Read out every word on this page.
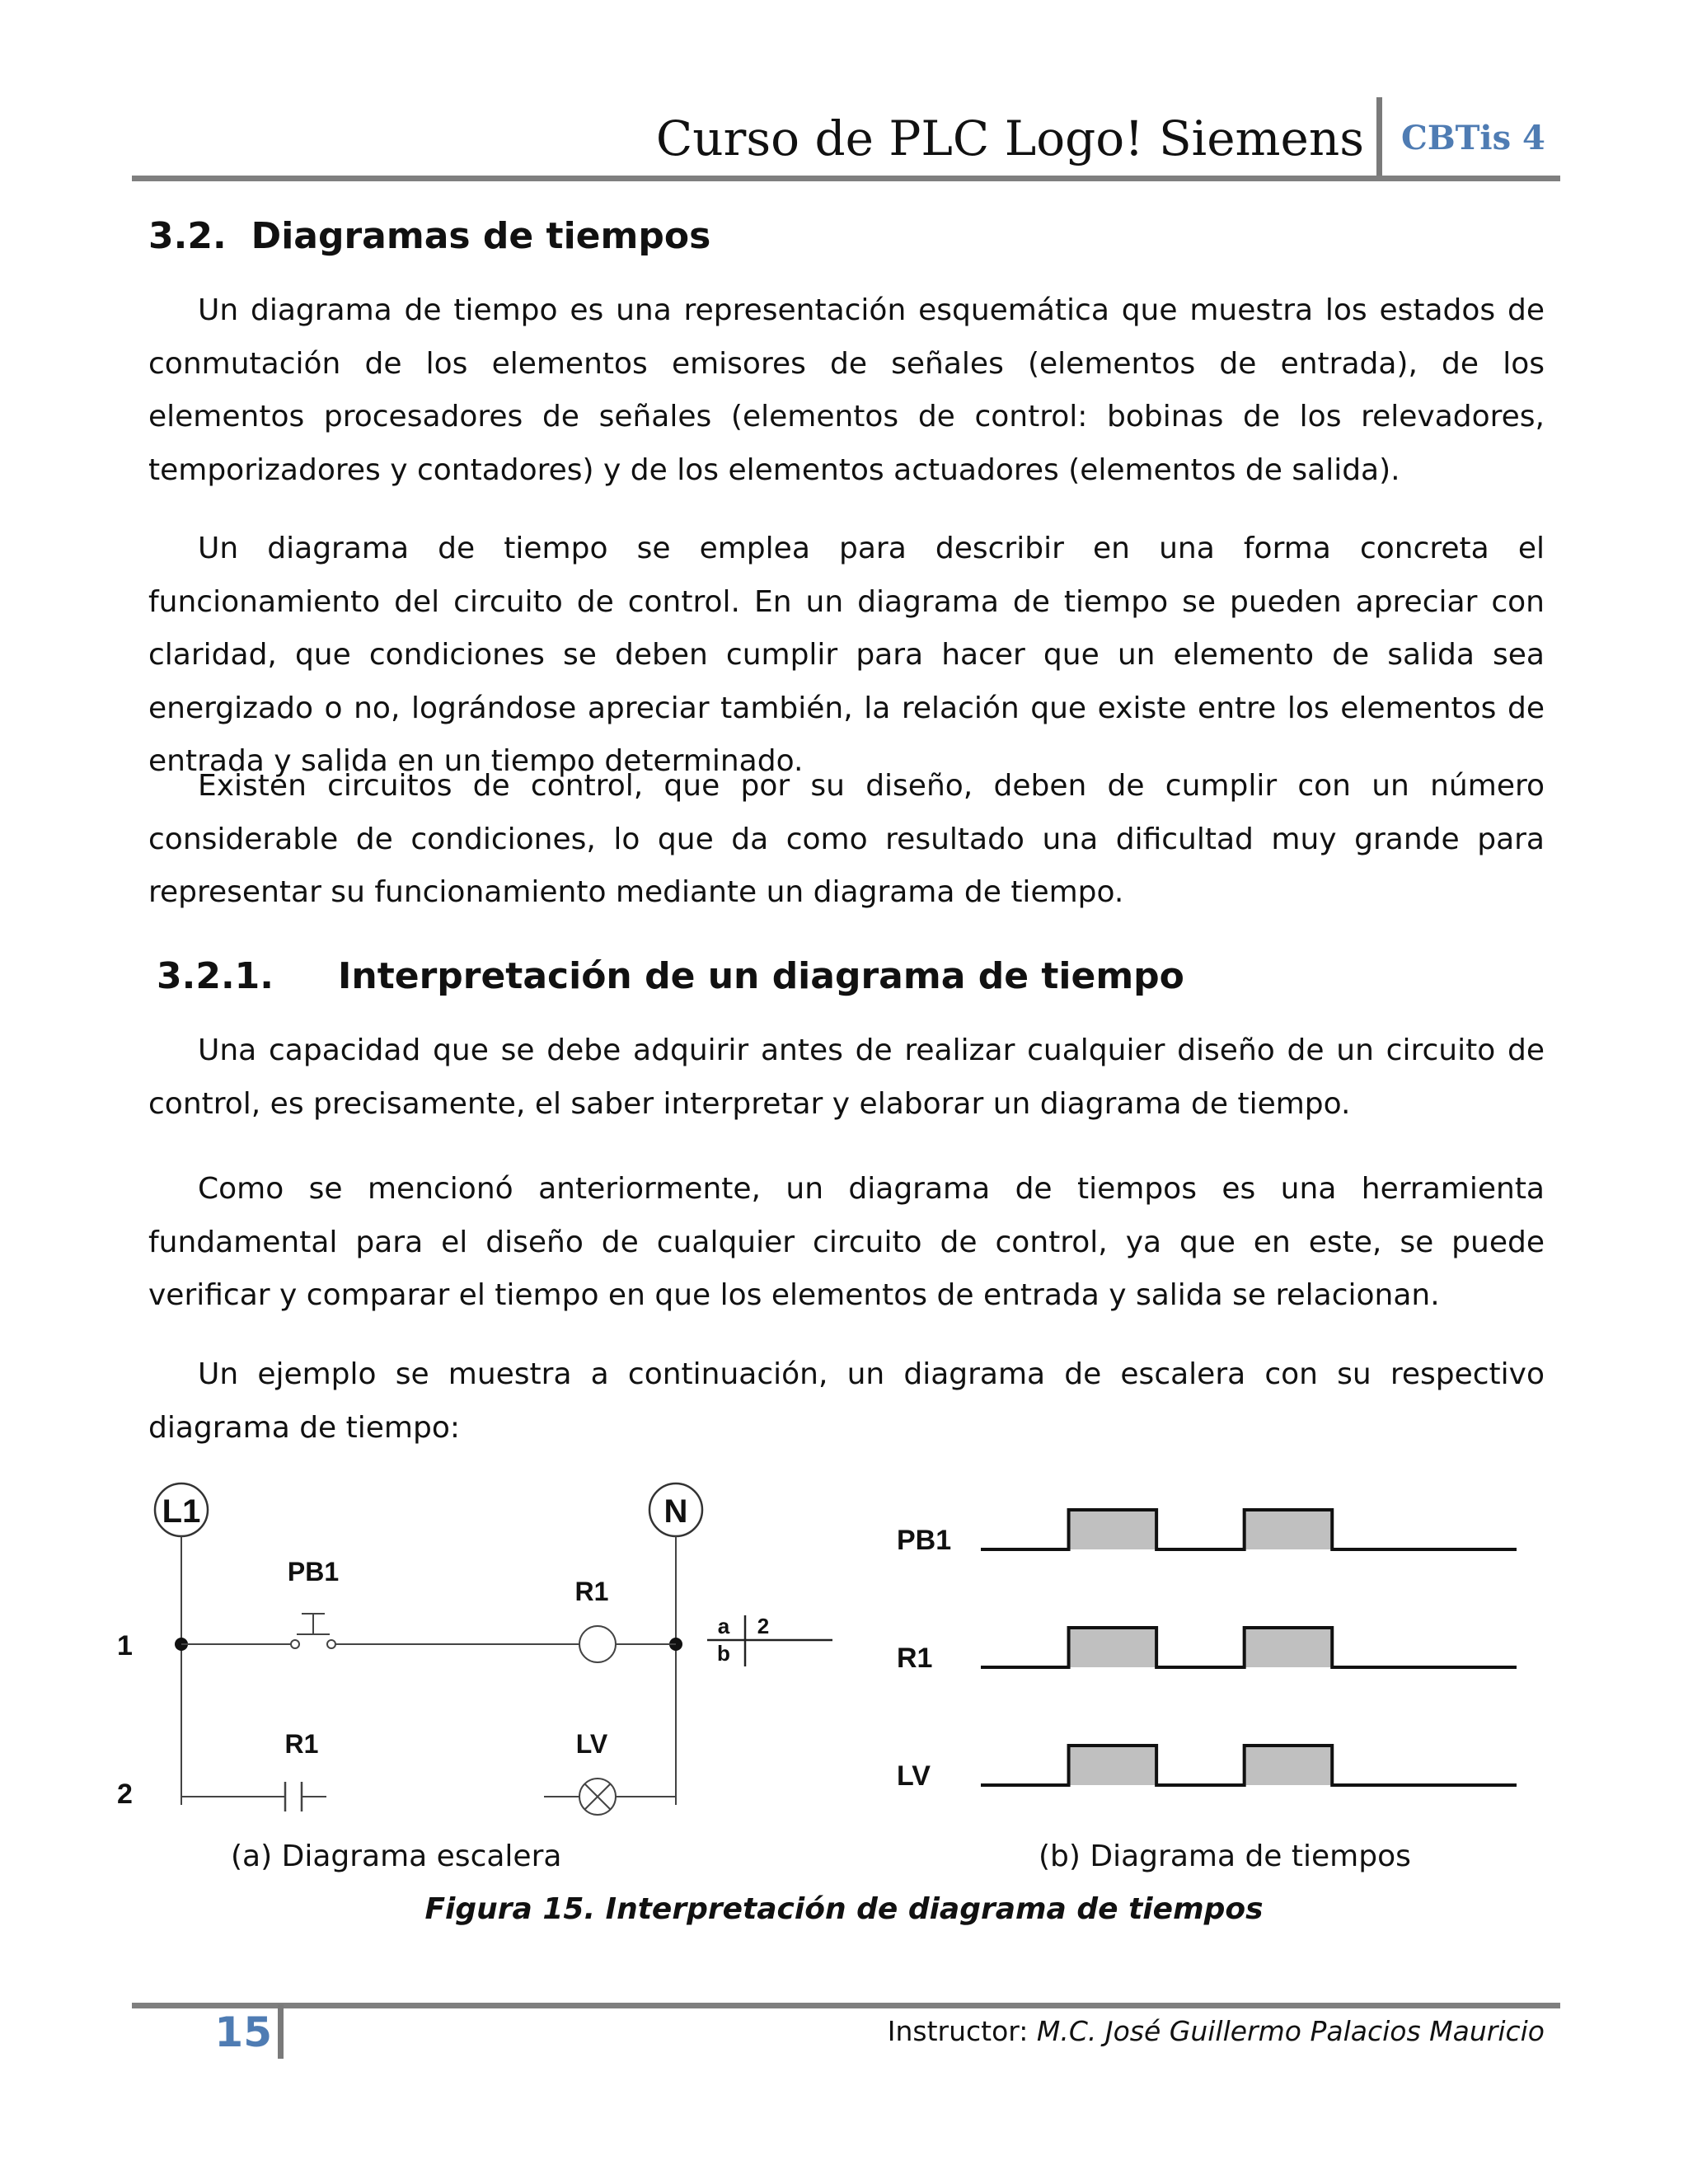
Curso de PLC Logo! Siemens CBTis 4
3.2. Diagramas de tiempos

Un diagrama de tiempo es una representación esquemática que muestra los estados de conmutación de los elementos emisores de señales (elementos de entrada), de los elementos procesadores de señales (elementos de control: bobinas de los relevadores, temporizadores y contadores) y de los elementos actuadores (elementos de salida).

Un diagrama de tiempo se emplea para describir en una forma concreta el funcionamiento del circuito de control. En un diagrama de tiempo se pueden apreciar con claridad, que condiciones se deben cumplir para hacer que un elemento de salida sea energizado o no, lográndose apreciar también, la relación que existe entre los elementos de entrada y salida en un tiempo determinado.

Existen circuitos de control, que por su diseño, deben de cumplir con un número considerable de condiciones, lo que da como resultado una dificultad muy grande para representar su funcionamiento mediante un diagrama de tiempo.

3.2.1. Interpretación de un diagrama de tiempo

Una capacidad que se debe adquirir antes de realizar cualquier diseño de un circuito de control, es precisamente, el saber interpretar y elaborar un diagrama de tiempo.

Como se mencionó anteriormente, un diagrama de tiempos es una herramienta fundamental para el diseño de cualquier circuito de control, ya que en este, se puede verificar y comparar el tiempo en que los elementos de entrada y salida se relacionan.

Un ejemplo se muestra a continuación, un diagrama de escalera con su respectivo diagrama de tiempo:

L1	N
1
2
PB1
R1
a 2
b
R1	LV
PB1
R1
LV
(a) Diagrama escalera	(b) Diagrama de tiempos
Figura 15. Interpretación de diagrama de tiempos
15	Instructor: M.C. José Guillermo Palacios Mauricio
